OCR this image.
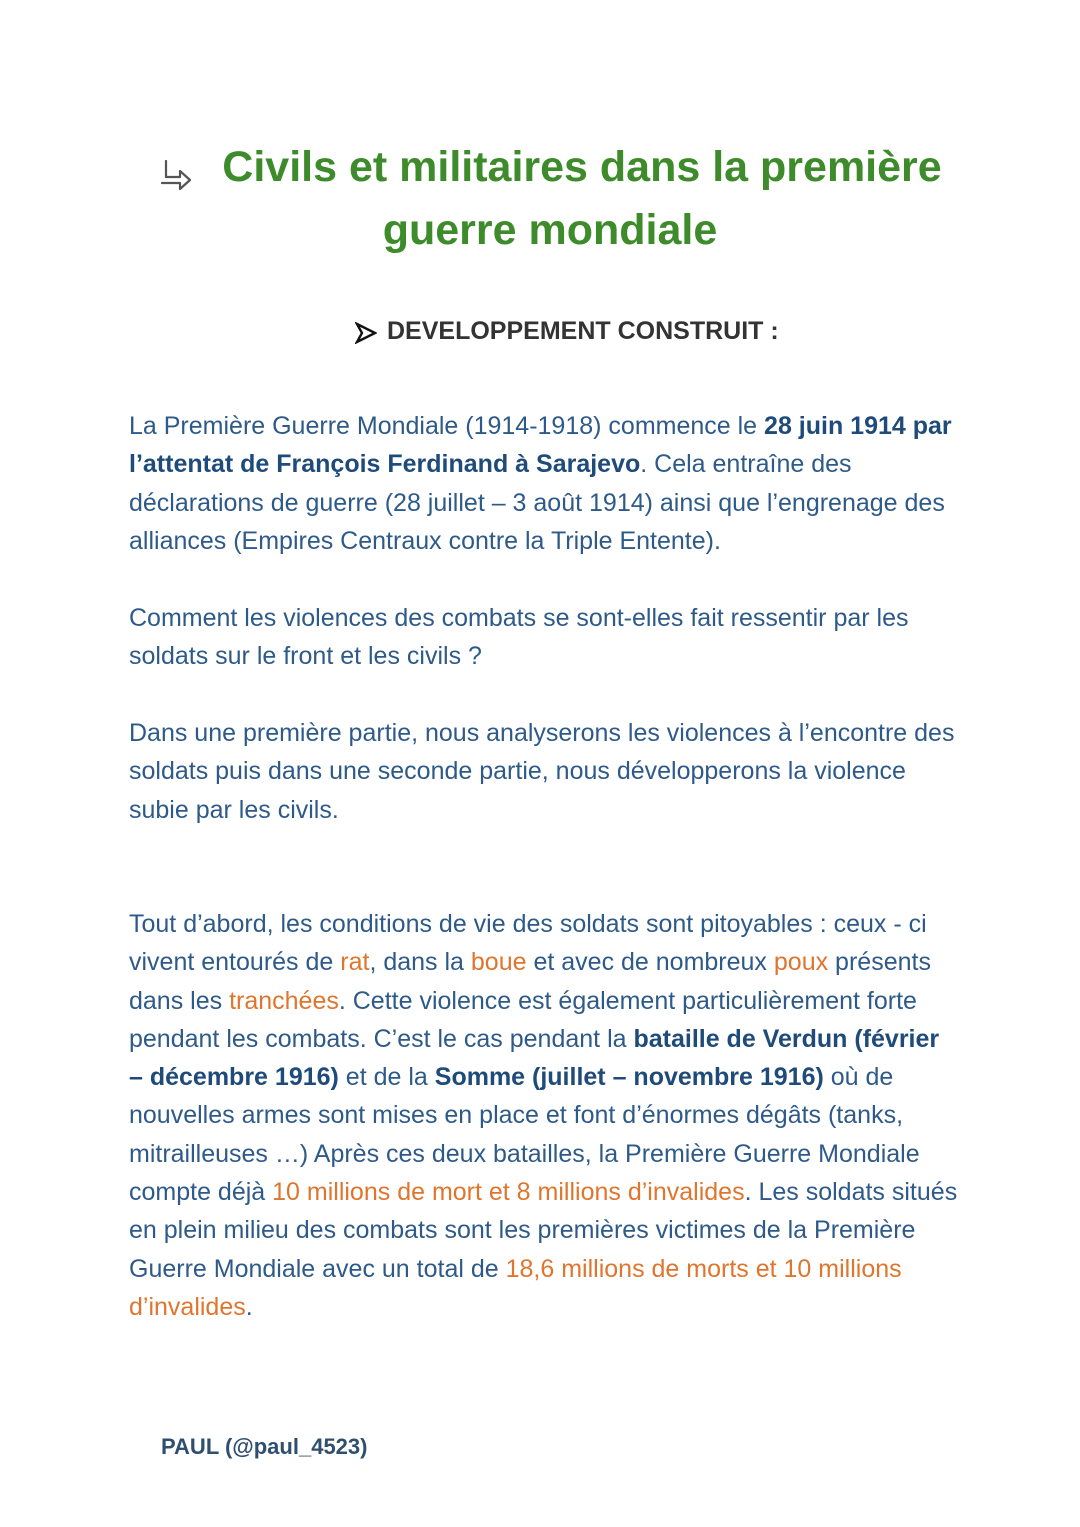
Civils et militaires dans la première
guerre mondiale
DEVELOPPEMENT CONSTRUIT :

La Première Guerre Mondiale (1914-1918) commence le 28 juin 1914 par l’attentat de François Ferdinand à Sarajevo. Cela entraîne des déclarations de guerre (28 juillet – 3 août 1914) ainsi que l’engrenage des alliances (Empires Centraux contre la Triple Entente).

Comment les violences des combats se sont-elles fait ressentir par les soldats sur le front et les civils ?

Dans une première partie, nous analyserons les violences à l’encontre des soldats puis dans une seconde partie, nous développerons la violence subie par les civils.

Tout d’abord, les conditions de vie des soldats sont pitoyables : ceux - ci vivent entourés de rat, dans la boue et avec de nombreux poux présents dans les tranchées. Cette violence est également particulièrement forte pendant les combats. C’est le cas pendant la bataille de Verdun (février – décembre 1916) et de la Somme (juillet – novembre 1916) où de nouvelles armes sont mises en place et font d’énormes dégâts (tanks, mitrailleuses …) Après ces deux batailles, la Première Guerre Mondiale compte déjà 10 millions de mort et 8 millions d’invalides. Les soldats situés en plein milieu des combats sont les premières victimes de la Première Guerre Mondiale avec un total de 18,6 millions de morts et 10 millions d’invalides.

PAUL (@paul_4523)
